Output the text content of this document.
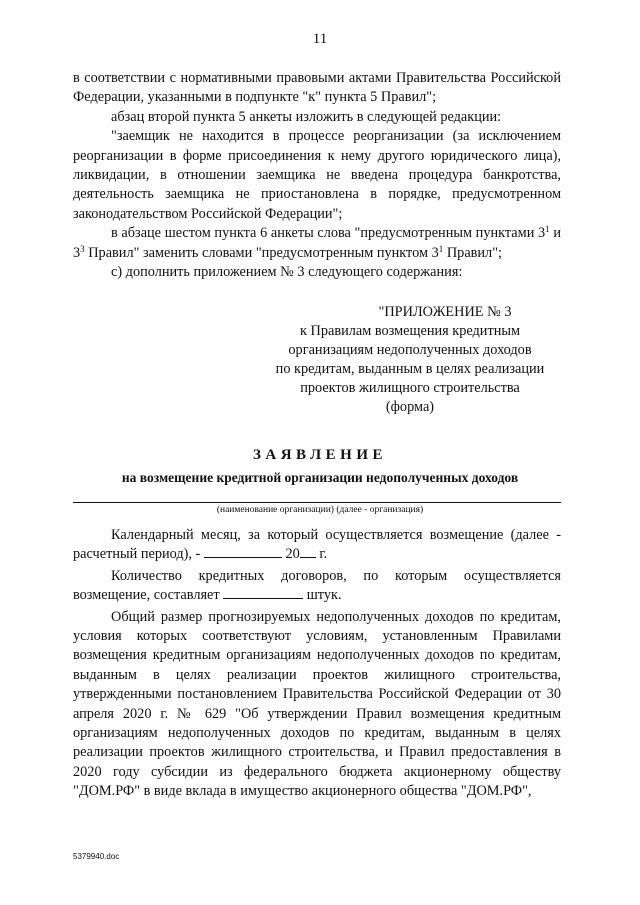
11

в соответствии с нормативными правовыми актами Правительства Российской Федерации, указанными в подпункте "к" пункта 5 Правил";

абзац второй пункта 5 анкеты изложить в следующей редакции:

"заемщик не находится в процессе реорганизации (за исключением реорганизации в форме присоединения к нему другого юридического лица), ликвидации, в отношении заемщика не введена процедура банкротства, деятельность заемщика не приостановлена в порядке, предусмотренном законодательством Российской Федерации";

в абзаце шестом пункта 6 анкеты слова "предусмотренным пунктами $3^1$ и $3^3$ Правил" заменить словами "предусмотренным пунктом $3^1$ Правил";

с) дополнить приложением № 3 следующего содержания:

"ПРИЛОЖЕНИЕ № 3
к Правилам возмещения кредитным
организациям недополученных доходов
по кредитам, выданным в целях реализации
проектов жилищного строительства
(форма)
ЗАЯВЛЕНИЕ
на возмещение кредитной организации недополученных доходов
(наименование организации) (далее - организация)

Календарный месяц, за который осуществляется возмещение (далее - расчетный период), -	20 г.

Количество кредитных договоров, по которым осуществляется возмещение, составляет	штук.

Общий размер прогнозируемых недополученных доходов по кредитам, условия которых соответствуют условиям, установленным Правилами возмещения кредитным организациям недополученных доходов по кредитам, выданным в целях реализации проектов жилищного строительства, утвержденными постановлением Правительства Российской Федерации от 30 апреля 2020 г. № 629 "Об утверждении Правил возмещения кредитным организациям недополученных доходов по кредитам, выданным в целях реализации проектов жилищного строительства, и Правил предоставления в 2020 году субсидии из федерального бюджета акционерному обществу "ДОМ.РФ" в виде вклада в имущество акционерного общества "ДОМ.РФ",

5379940.doc
